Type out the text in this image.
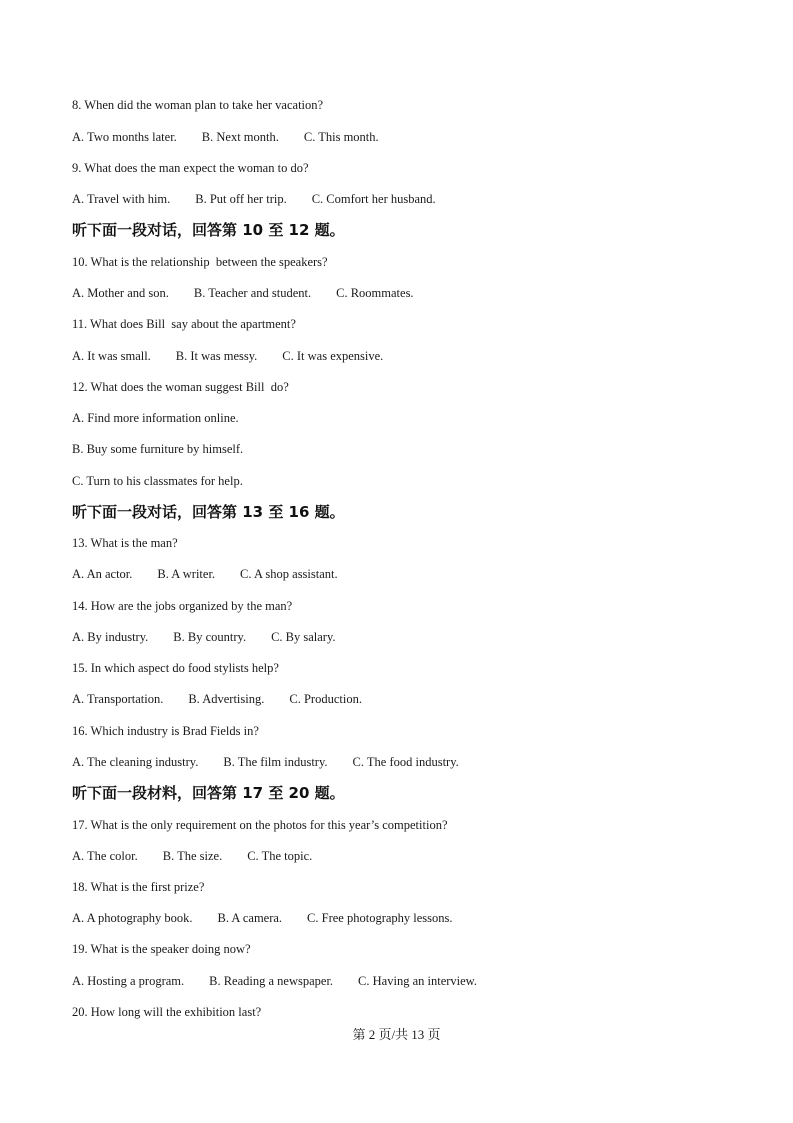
8. When did the woman plan to take her vacation?
A. Two months later.        B. Next month.        C. This month.
9. What does the man expect the woman to do?
A. Travel with him.        B. Put off her trip.        C. Comfort her husband.
听下面一段对话，回答第 10 至 12 题。
10. What is the relationship  between the speakers?
A. Mother and son.        B. Teacher and student.        C. Roommates.
11. What does Bill  say about the apartment?
A. It was small.        B. It was messy.        C. It was expensive.
12. What does the woman suggest Bill  do?
A. Find more information online.
B. Buy some furniture by himself.
C. Turn to his classmates for help.
听下面一段对话，回答第 13 至 16 题。
13. What is the man?
A. An actor.        B. A writer.        C. A shop assistant.
14. How are the jobs organized by the man?
A. By industry.        B. By country.        C. By salary.
15. In which aspect do food stylists help?
A. Transportation.        B. Advertising.        C. Production.
16. Which industry is Brad Fields in?
A. The cleaning industry.        B. The film industry.        C. The food industry.
听下面一段材料，回答第 17 至 20 题。
17. What is the only requirement on the photos for this year’s competition?
A. The color.        B. The size.        C. The topic.
18. What is the first prize?
A. A photography book.        B. A camera.        C. Free photography lessons.
19. What is the speaker doing now?
A. Hosting a program.        B. Reading a newspaper.        C. Having an interview.
20. How long will the exhibition last?
第 2 页/共 13 页
